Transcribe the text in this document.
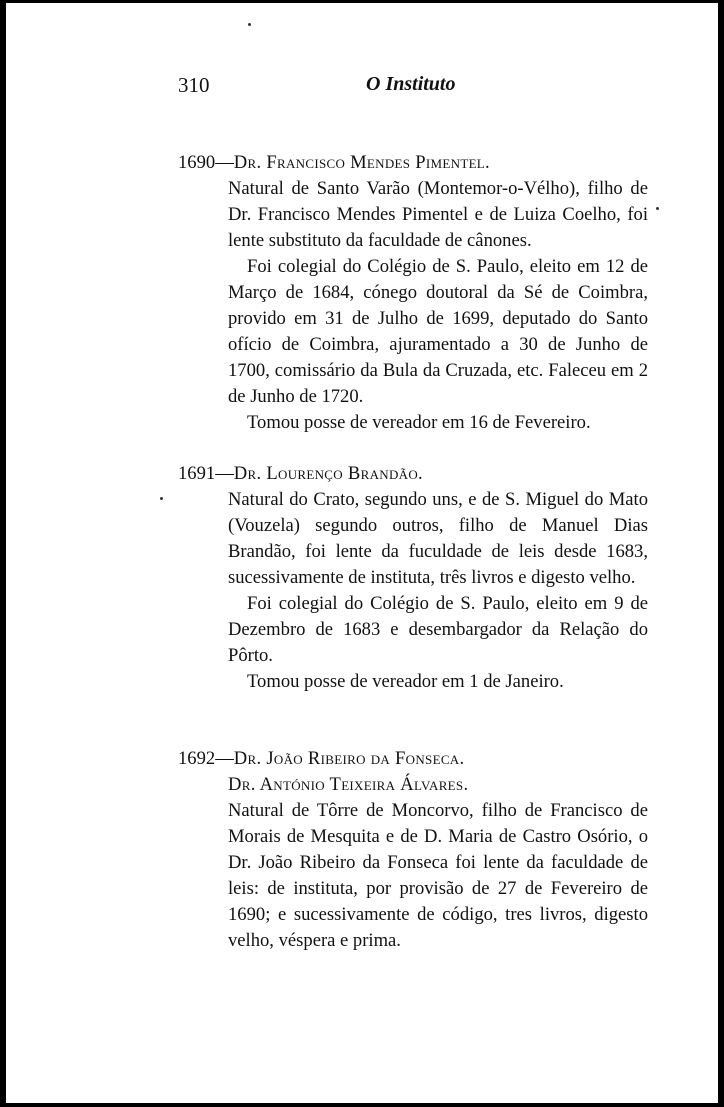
310	O Instituto
1690 — Dr. Francisco Mendes Pimentel.
Natural de Santo Varão (Montemor-o-Vélho), filho de Dr. Francisco Mendes Pimentel e de Luiza Coelho, foi lente substituto da faculdade de cânones.
Foi colegial do Colégio de S. Paulo, eleito em 12 de Março de 1684, cónego doutoral da Sé de Coimbra, provido em 31 de Julho de 1699, deputado do Santo ofício de Coimbra, ajuramentado a 30 de Junho de 1700, comissário da Bula da Cruzada, etc. Faleceu em 2 de Junho de 1720.
Tomou posse de vereador em 16 de Fevereiro.
1691 — Dr. Lourenço Brandão.
Natural do Crato, segundo uns, e de S. Miguel do Mato (Vouzela) segundo outros, filho de Manuel Dias Brandão, foi lente da fuculdade de leis desde 1683, sucessivamente de instituta, três livros e digesto velho.
Foi colegial do Colégio de S. Paulo, eleito em 9 de Dezembro de 1683 e desembargador da Relação do Pôrto.
Tomou posse de vereador em 1 de Janeiro.
1692 — Dr. João Ribeiro da Fonseca.
Dr. António Teixeira Álvares.
Natural de Tôrre de Moncorvo, filho de Francisco de Morais de Mesquita e de D. Maria de Castro Osório, o Dr. João Ribeiro da Fonseca foi lente da faculdade de leis: de instituta, por provisão de 27 de Fevereiro de 1690; e sucessivamente de código, tres livros, digesto velho, véspera e prima.
